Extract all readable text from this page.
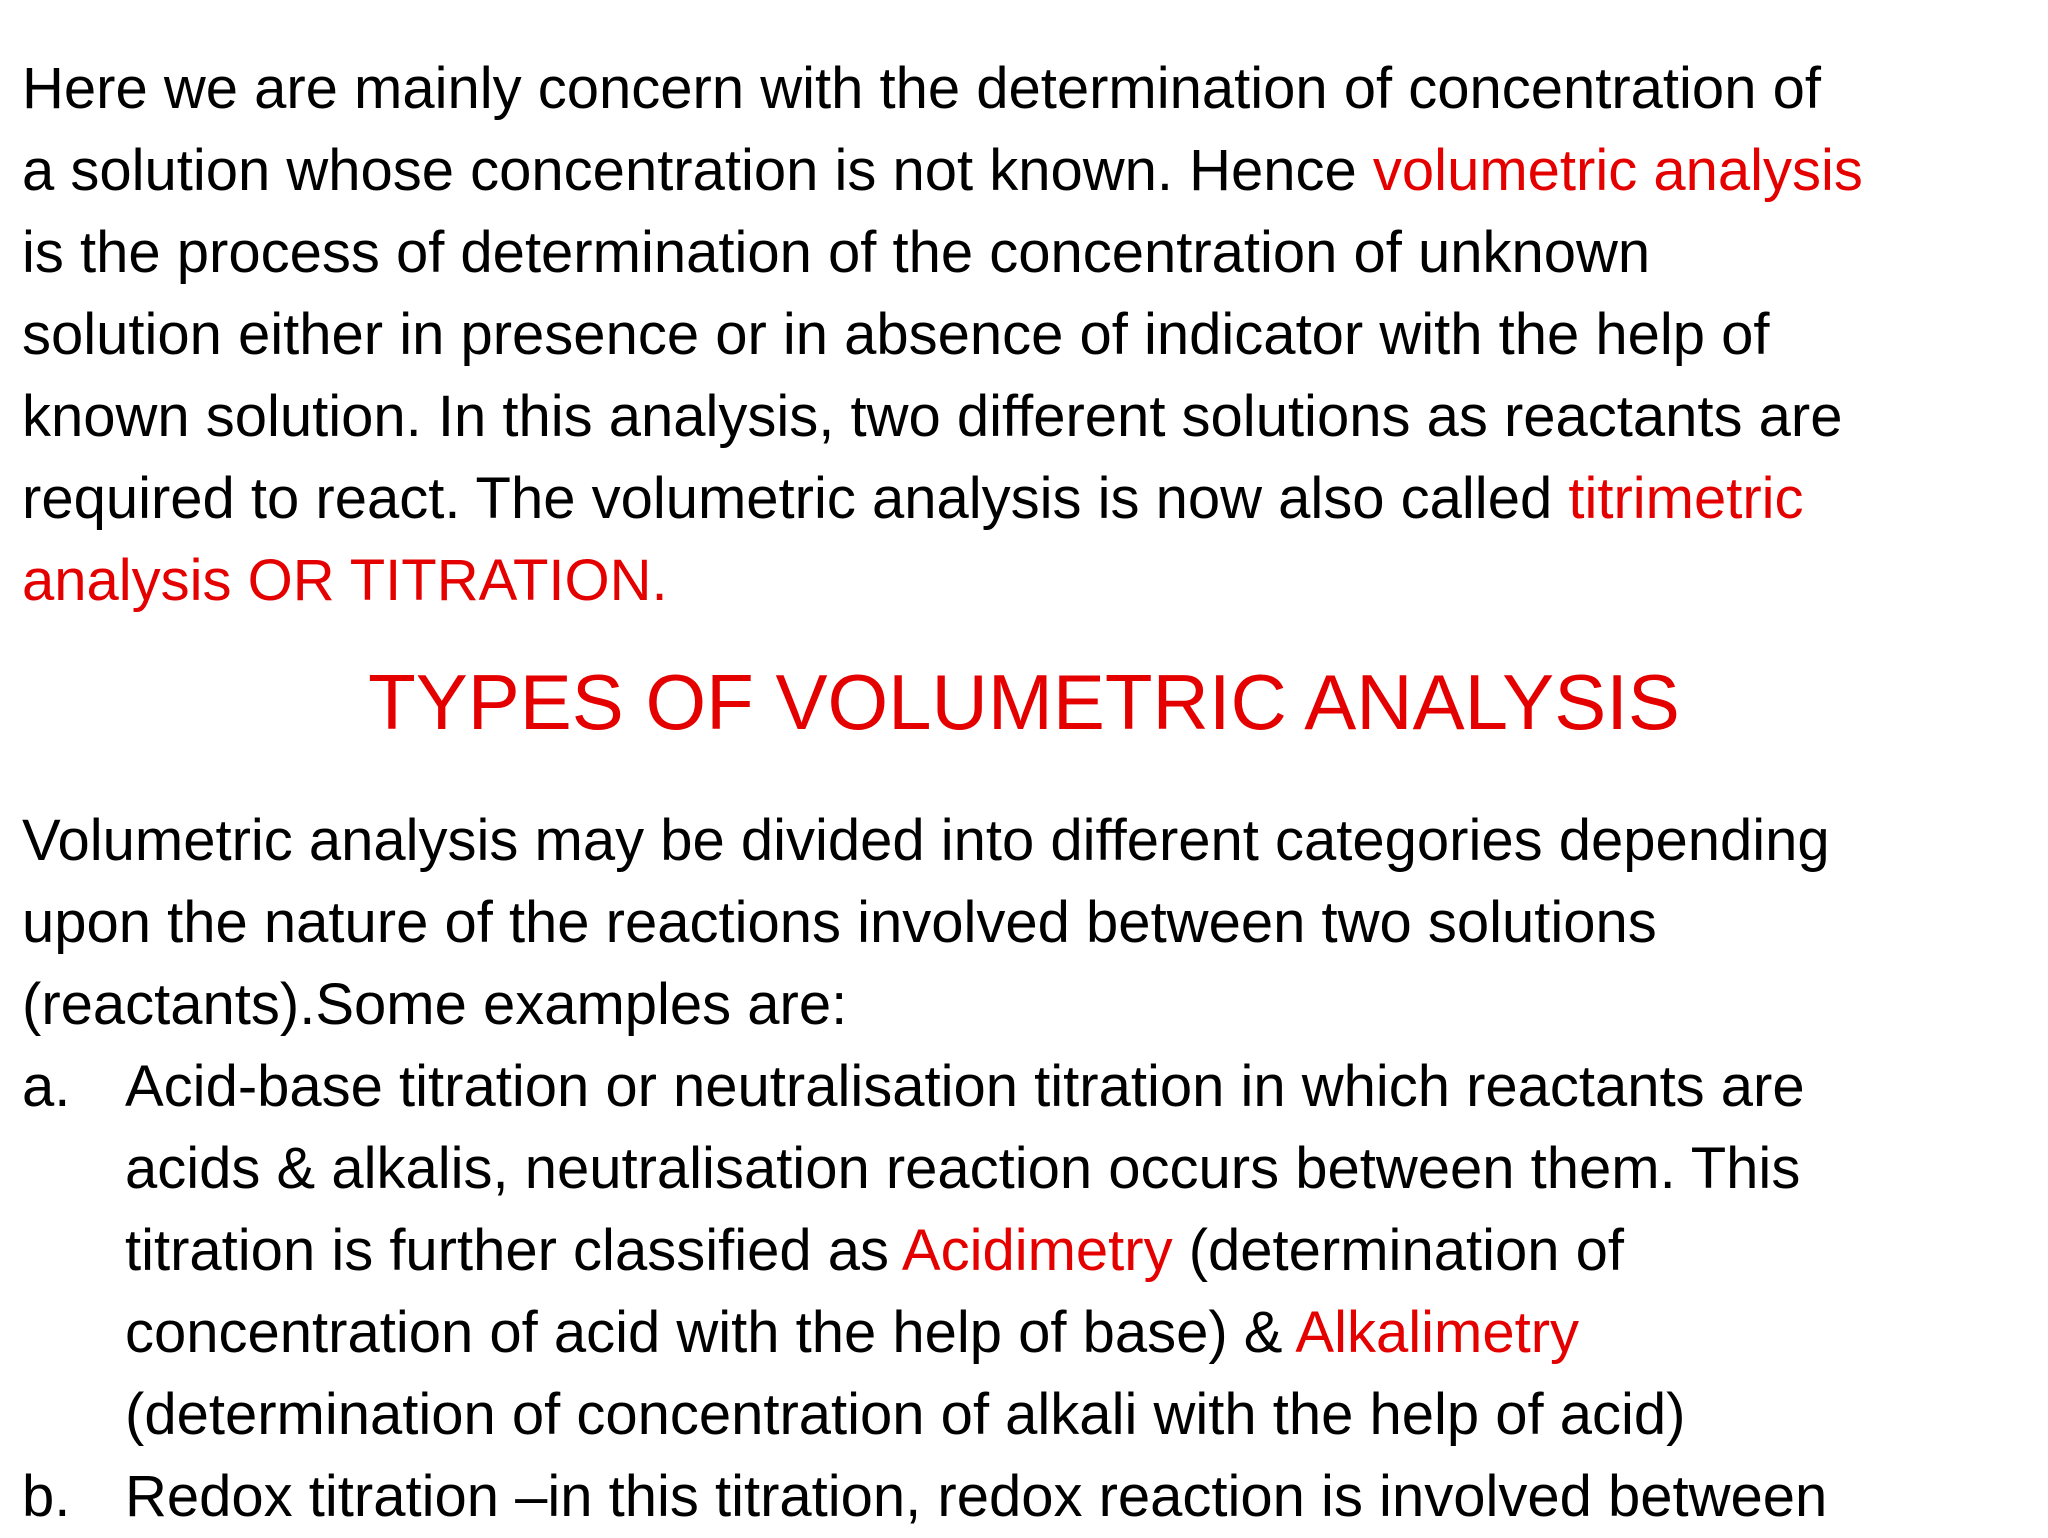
Here we are mainly concern with the determination of concentration of
a solution whose concentration is not known. Hence volumetric analysis
is the process of determination of the concentration of unknown
solution either in presence or in absence of indicator with the help of
known solution. In this analysis, two different solutions as reactants are
required to react. The volumetric analysis is now also called titrimetric
analysis OR TITRATION.
TYPES OF VOLUMETRIC ANALYSIS
Volumetric analysis may be divided into different categories depending
upon the nature of the reactions involved between two solutions
(reactants).Some examples are:
a. Acid-base titration or neutralisation titration in which reactants are
acids & alkalis, neutralisation reaction occurs between them. This
titration is further classified as Acidimetry (determination of
concentration of acid with the help of base) & Alkalimetry
(determination of concentration of alkali with the help of acid)
b. Redox titration –in this titration, redox reaction is involved between
